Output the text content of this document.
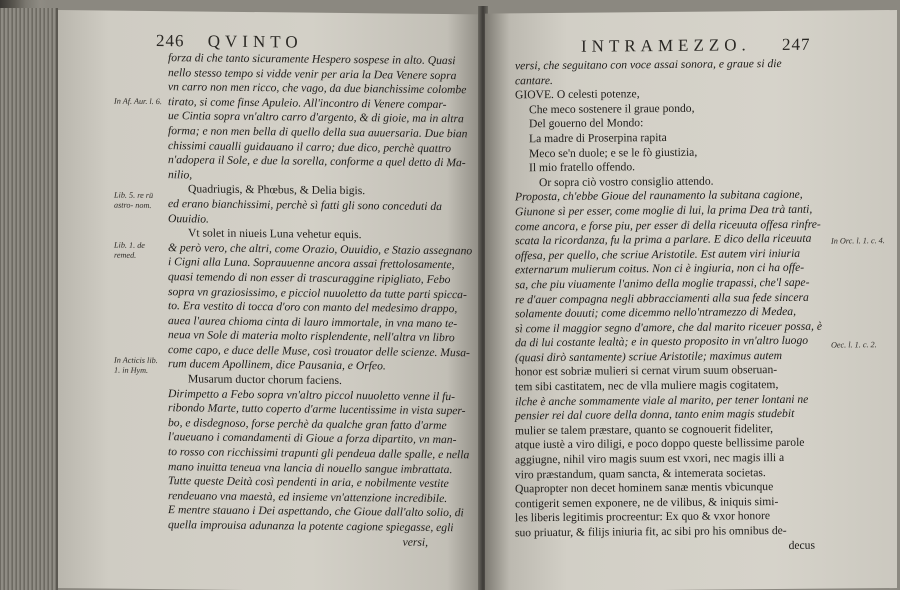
246 QVINTO
In Af. Aur. l. 6.
Lib. 5. re rū astro- nom.
Lib. 1. de remed.
In Acticis lib. 1. in Hym.
forza di che tanto sicuramente Hespero sospese in alto. Quasi
nello stesso tempo si vidde venir per aria la Dea Venere sopra
vn carro non men ricco, che vago, da due bianchissime colombe
tirato, si come finse Apuleio. All'incontro di Venere compar-
ue Cintia sopra vn'altro carro d'argento, & di gioie, ma in altra
forma; e non men bella di quello della sua auuersaria. Due bian
chissimi caualli guidauano il carro; due dico, perchè quattro
n'adopera il Sole, e due la sorella, conforme a quel detto di Ma-
nilio,
Quadriugis, & Phœbus, & Delia bigis.
ed erano bianchissimi, perchè sì fatti gli sono conceduti da
Ouuidio.
Vt solet in niueis Luna vehetur equis.
& però vero, che altri, come Orazio, Ouuidio, e Stazio assegnano
i Cigni alla Luna. Soprauuenne ancora assai frettolosamente,
quasi temendo di non esser di trascuraggine ripigliato, Febo
sopra vn graziosissimo, e picciol nuuoletto da tutte parti spicca-
to. Era vestito di tocca d'oro con manto del medesimo drappo,
auea l'aurea chioma cinta di lauro immortale, in vna mano te-
neua vn Sole di materia molto risplendente, nell'altra vn libro
come capo, e duce delle Muse, così trouator delle scienze. Musa-
rum ducem Apollinem, dice Pausania, e Orfeo.
Musarum ductor chorum faciens.
Dirimpetto a Febo sopra vn'altro piccol nuuoletto venne il fu-
ribondo Marte, tutto coperto d'arme lucentissime in vista super-
bo, e disdegnoso, forse perchè da qualche gran fatto d'arme
l'aueuano i comandamenti di Gioue a forza dipartito, vn man-
to rosso con ricchissimi trapunti gli pendeua dalle spalle, e nella
mano inuitta teneua vna lancia di nouello sangue imbrattata.
Tutte queste Deità così pendenti in aria, e nobilmente vestite
rendeuano vna maestà, ed insieme vn'attenzione incredibile.
E mentre stauano i Dei aspettando, che Gioue dall'alto solio, di
quella improuisa adunanza la potente cagione spiegasse, egli
versi,
INTRAMEZZO. 247
In Orc. l. 1. c. 4.
Oec. l. 1. c. 2.
versi, che seguitano con voce assai sonora, e graue si die
cantare.
GIOVE. O celesti potenze,
Che meco sostenere il graue pondo,
Del gouerno del Mondo:
La madre di Proserpina rapita
Meco se'n duole; e se le fò giustizia,
Il mio fratello offendo.
Or sopra ciò vostro consiglio attendo.
Proposta, ch'ebbe Gioue del raunamento la subitana cagione,
Giunone sì per esser, come moglie di lui, la prima Dea trà tanti,
come ancora, e forse piu, per esser di della riceuuta offesa rinfre-
scata la ricordanza, fu la prima a parlare. E dico della riceuuta
offesa, per quello, che scriue Aristotile. Est autem viri iniuria
externarum mulierum coitus. Non ci è ingiuria, non ci ha offe-
sa, che piu viuamente l'animo della moglie trapassi, che'l sape-
re d'auer compagna negli abbracciamenti alla sua fede sincera
solamente douuti; come dicemmo nello'ntramezzo di Medea,
sì come il maggior segno d'amore, che dal marito riceuer possa, è
da di lui costante lealtà; e in questo proposito in vn'altro luogo
(quasi dirò santamente) scriue Aristotile; maximus autem
honor est sobriæ mulieri si cernat virum suum obseruan-
tem sibi castitatem, nec de vlla muliere magis cogitatem,
ilche è anche sommamente viale al marito, per tener lontani ne
pensier rei dal cuore della donna, tanto enim magis studebit
mulier se talem præstare, quanto se cognouerit fideliter,
atque iustè a viro diligi, e poco doppo queste bellissime parole
aggiugne, nihil viro magis suum est vxori, nec magis illi a
viro præstandum, quam sancta, & intemerata societas.
Quapropter non decet hominem sanæ mentis vbicunque
contigerit semen exponere, ne de vilibus, & iniquis simi-
les liberis legitimis procreentur: Ex quo & vxor honore
suo priuatur, & filijs iniuria fit, ac sibi pro his omnibus de-
decus
